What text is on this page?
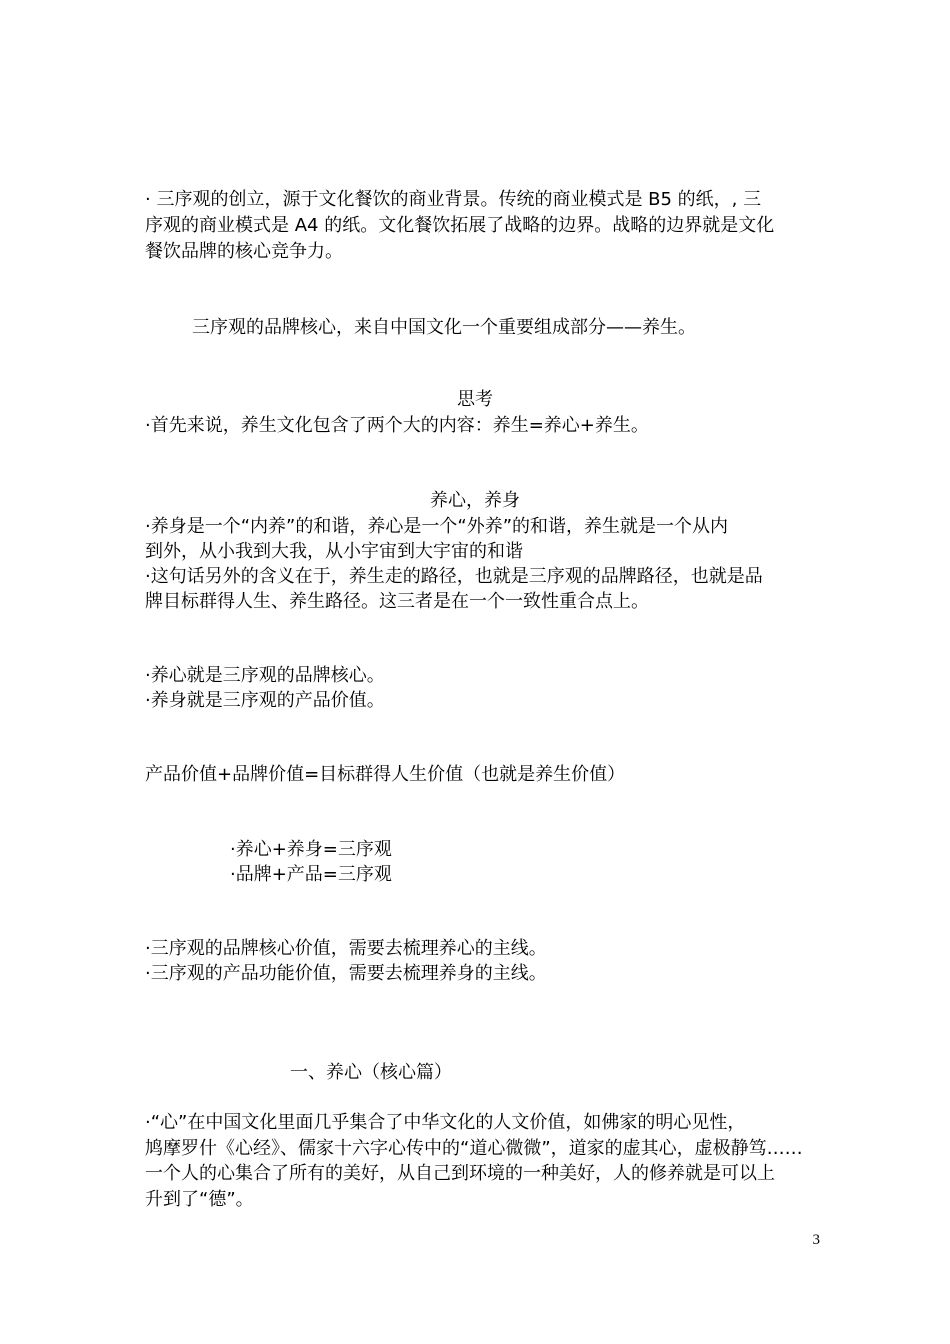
· 三序观的创立，源于文化餐饮的商业背景。传统的商业模式是 B5 的纸，, 三

序观的商业模式是 A4 的纸。文化餐饮拓展了战略的边界。战略的边界就是文化

餐饮品牌的核心竞争力。

三序观的品牌核心，来自中国文化一个重要组成部分——养生。

思考

·首先来说，养生文化包含了两个大的内容：养生=养心+养生。

养心，养身

·养身是一个“内养”的和谐，养心是一个“外养”的和谐，养生就是一个从内

到外，从小我到大我，从小宇宙到大宇宙的和谐

·这句话另外的含义在于，养生走的路径，也就是三序观的品牌路径，也就是品

牌目标群得人生、养生路径。这三者是在一个一致性重合点上。

·养心就是三序观的品牌核心。

·养身就是三序观的产品价值。

产品价值+品牌价值=目标群得人生价值（也就是养生价值）

·养心+养身=三序观

·品牌+产品=三序观

·三序观的品牌核心价值，需要去梳理养心的主线。

·三序观的产品功能价值，需要去梳理养身的主线。

一、养心（核心篇）

·“心”在中国文化里面几乎集合了中华文化的人文价值，如佛家的明心见性，

鸠摩罗什《心经》、儒家十六字心传中的“道心微微”，道家的虚其心，虚极静笃……

一个人的心集合了所有的美好，从自己到环境的一种美好，人的修养就是可以上

升到了“德”。

3
